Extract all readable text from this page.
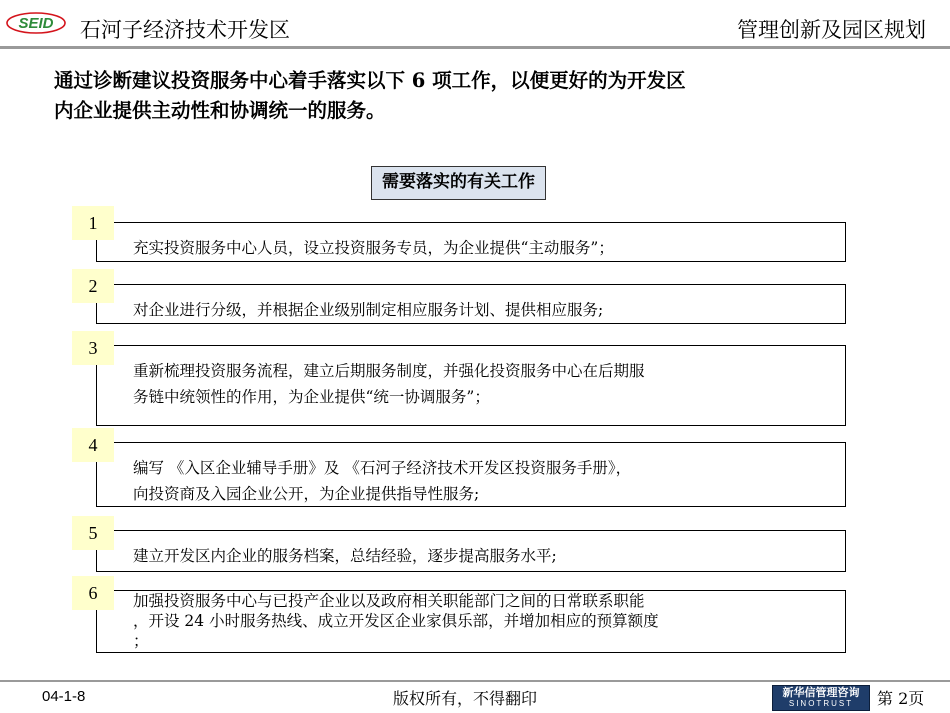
SEID 石河子经济技术开发区	管理创新及园区规划
通过诊断建议投资服务中心着手落实以下 6 项工作，以便更好的为开发区
内企业提供主动性和协调统一的服务。
需要落实的有关工作
1
充实投资服务中心人员，设立投资服务专员，为企业提供“主动服务”；
2
对企业进行分级，并根据企业级别制定相应服务计划、提供相应服务;
3
重新梳理投资服务流程，建立后期服务制度，并强化投资服务中心在后期服
务链中统领性的作用，为企业提供“统一协调服务”；
4
编写 《入区企业辅导手册》及 《石河子经济技术开发区投资服务手册》，
向投资商及入园企业公开，为企业提供指导性服务;
5
建立开发区内企业的服务档案，总结经验，逐步提高服务水平;
6	加强投资服务中心与已投产企业以及政府相关职能部门之间的日常联系职能
，开设 24 小时服务热线、成立开发区企业家俱乐部，并增加相应的预算额度
；
04-1-8	版权所有，不得翻印	新华信管理咨询
SINOTRUST	第 2页
